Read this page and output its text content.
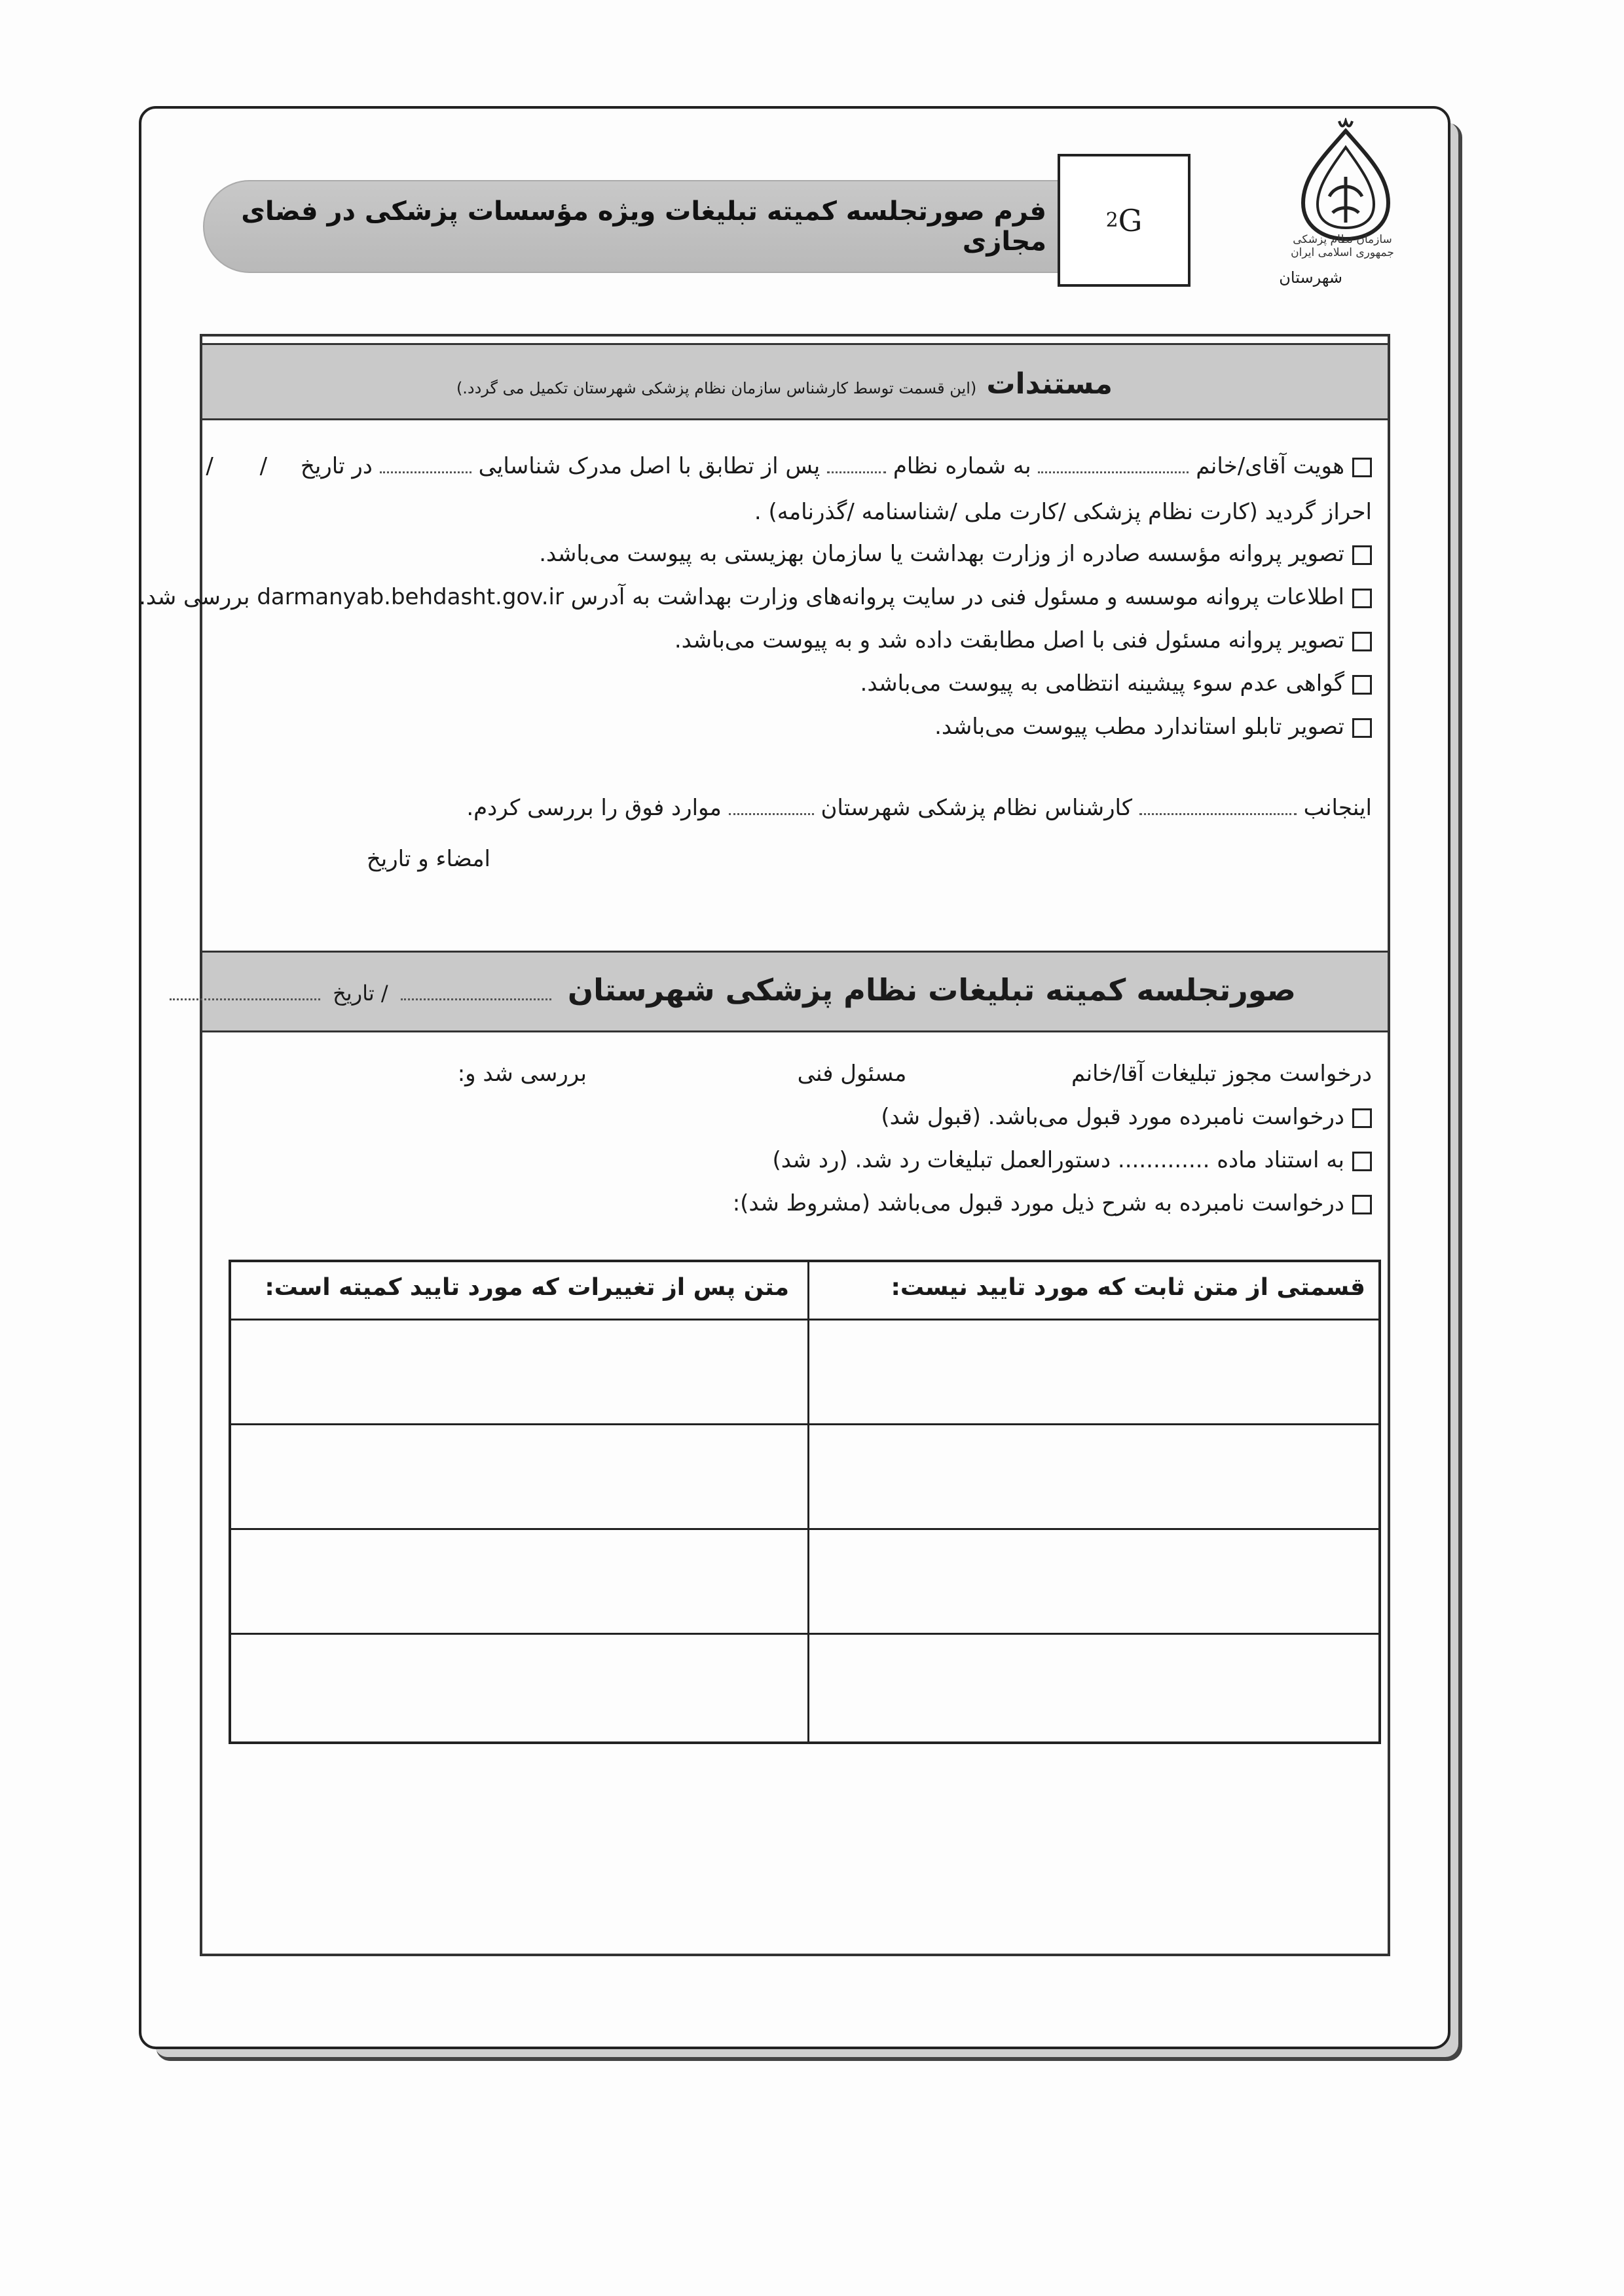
سازمان نظام پزشکی جمهوری اسلامی ایران
شهرستان
فرم صورتجلسه کمیته تبلیغات ویژه مؤسسات پزشکی در فضای مجازی
G
2
مستندات (این قسمت توسط کارشناس سازمان نظام پزشکی شهرستان تکمیل می گردد.)
هویت آقای/خانم  به شماره نظام  پس از تطابق با اصل مدرک شناسایی  در تاریخ / /
احراز گردید (کارت نظام پزشکی /کارت ملی /شناسنامه /گذرنامه) .
تصویر پروانه مؤسسه صادره از وزارت بهداشت یا سازمان بهزیستی به پیوست می‌باشد.
اطلاعات پروانه موسسه و مسئول فنی در سایت پروانه‌های وزارت بهداشت به آدرس darmanyab.behdasht.gov.ir بررسی شد.
تصویر پروانه مسئول فنی با اصل مطابقت داده شد و به پیوست می‌باشد.
گواهی عدم سوء پیشینه انتظامی به پیوست می‌باشد.
تصویر تابلو استاندارد مطب پیوست می‌باشد.
اینجانب  کارشناس نظام پزشکی شهرستان  موارد فوق را بررسی کردم.
امضاء و تاریخ
صورتجلسه کمیته تبلیغات نظام پزشکی شهرستان  / تاریخ
درخواست مجوز تبلیغات آقا/خانم  مسئول فنی  بررسی شد و:
درخواست نامبرده مورد قبول می‌باشد. (قبول شد)
به استناد ماده ............. دستورالعمل تبلیغات رد شد. (رد شد)
درخواست نامبرده به شرح ذیل مورد قبول می‌باشد (مشروط شد):
قسمتی از متن ثابت که مورد تایید نیست:
متن پس از تغییرات که مورد تایید کمیته است:
